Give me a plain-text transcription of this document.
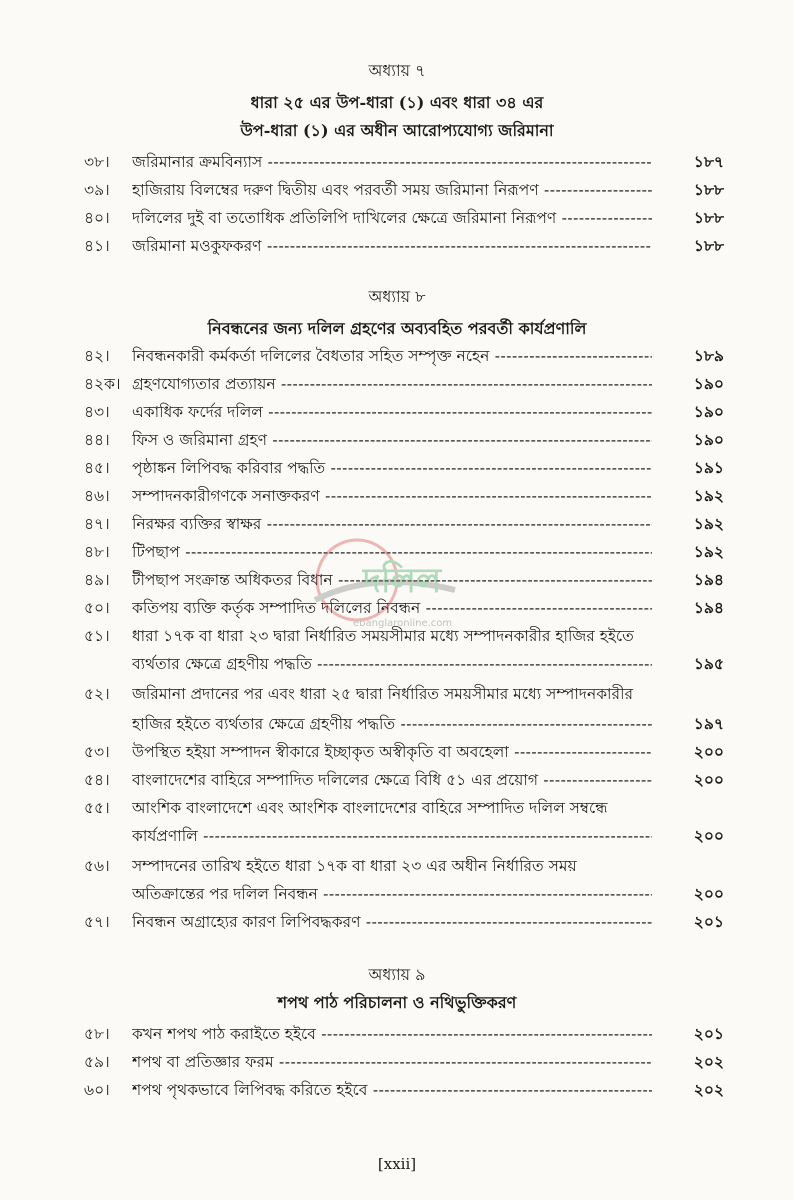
অধ্যায় ৭
ধারা ২৫ এর উপ-ধারা (১) এবং ধারা ৩৪ এর
উপ-ধারা (১) এর অধীন আরোপ্যযোগ্য জরিমানা
৩৮।	জরিমানার ক্রমবিন্যাস -----	১৮৭
৩৯।	হাজিরায় বিলম্বের দরুণ দ্বিতীয় এবং পরবর্তী সময় জরিমানা নিরূপণ -----	১৮৮
৪০।	দলিলের দুই বা ততোধিক প্রতিলিপি দাখিলের ক্ষেত্রে জরিমানা নিরূপণ -----	১৮৮
৪১।	জরিমানা মওকুফকরণ -----	১৮৮
অধ্যায় ৮
নিবন্ধনের জন্য দলিল গ্রহণের অব্যবহিত পরবর্তী কার্যপ্রণালি
৪২।	নিবন্ধনকারী কর্মকর্তা দলিলের বৈধতার সহিত সম্পৃক্ত নহেন -----	১৮৯
৪২ক। গ্রহণযোগ্যতার প্রত্যায়ন -----	১৯০
৪৩।	একাধিক ফর্দের দলিল -----	১৯০
৪৪।	ফিস ও জরিমানা গ্রহণ -----	১৯০
৪৫।	পৃষ্ঠাঙ্কন লিপিবদ্ধ করিবার পদ্ধতি -----	১৯১
৪৬।	সম্পাদনকারীগণকে সনাক্তকরণ -----	১৯২
৪৭।	নিরক্ষর ব্যক্তির স্বাক্ষর -----	১৯২
৪৮।	টিপছাপ -----	১৯২
৪৯।	টীপছাপ সংক্রান্ত অধিকতর বিধান -----	১৯৪
৫০।	কতিপয় ব্যক্তি কর্তৃক সম্পাদিত দলিলের নিবন্ধন -----	১৯৪
৫১।	ধারা ১৭ক বা ধারা ২৩ দ্বারা নির্ধারিত সময়সীমার মধ্যে সম্পাদনকারীর হাজির হইতে
ব্যর্থতার ক্ষেত্রে গ্রহণীয় পদ্ধতি -----	১৯৫
৫২।	জরিমানা প্রদানের পর এবং ধারা ২৫ দ্বারা নির্ধারিত সময়সীমার মধ্যে সম্পাদনকারীর
হাজির হইতে ব্যর্থতার ক্ষেত্রে গ্রহণীয় পদ্ধতি -----	১৯৭
৫৩।	উপস্থিত হইয়া সম্পাদন স্বীকারে ইচ্ছাকৃত অস্বীকৃতি বা অবহেলা -----	২০০
৫৪।	বাংলাদেশের বাহিরে সম্পাদিত দলিলের ক্ষেত্রে বিধি ৫১ এর প্রয়োগ -----	২০০
৫৫।	আংশিক বাংলাদেশে এবং আংশিক বাংলাদেশের বাহিরে সম্পাদিত দলিল সম্বন্ধে
কার্যপ্রণালি -----	২০০
৫৬।	সম্পাদনের তারিখ হইতে ধারা ১৭ক বা ধারা ২৩ এর অধীন নির্ধারিত সময়
অতিক্রান্তের পর দলিল নিবন্ধন -----	২০০
৫৭।	নিবন্ধন অগ্রাহ্যের কারণ লিপিবদ্ধকরণ -----	২০১
অধ্যায় ৯
শপথ পাঠ পরিচালনা ও নথিভুক্তিকরণ
৫৮।	কখন শপথ পাঠ করাইতে হইবে -----	২০১
৫৯।	শপথ বা প্রতিজ্ঞার ফরম -----	২০২
৬০।	শপথ পৃথকভাবে লিপিবদ্ধ করিতে হইবে -----	২০২
দলিল
ebanglaronline.com
[xxii]
